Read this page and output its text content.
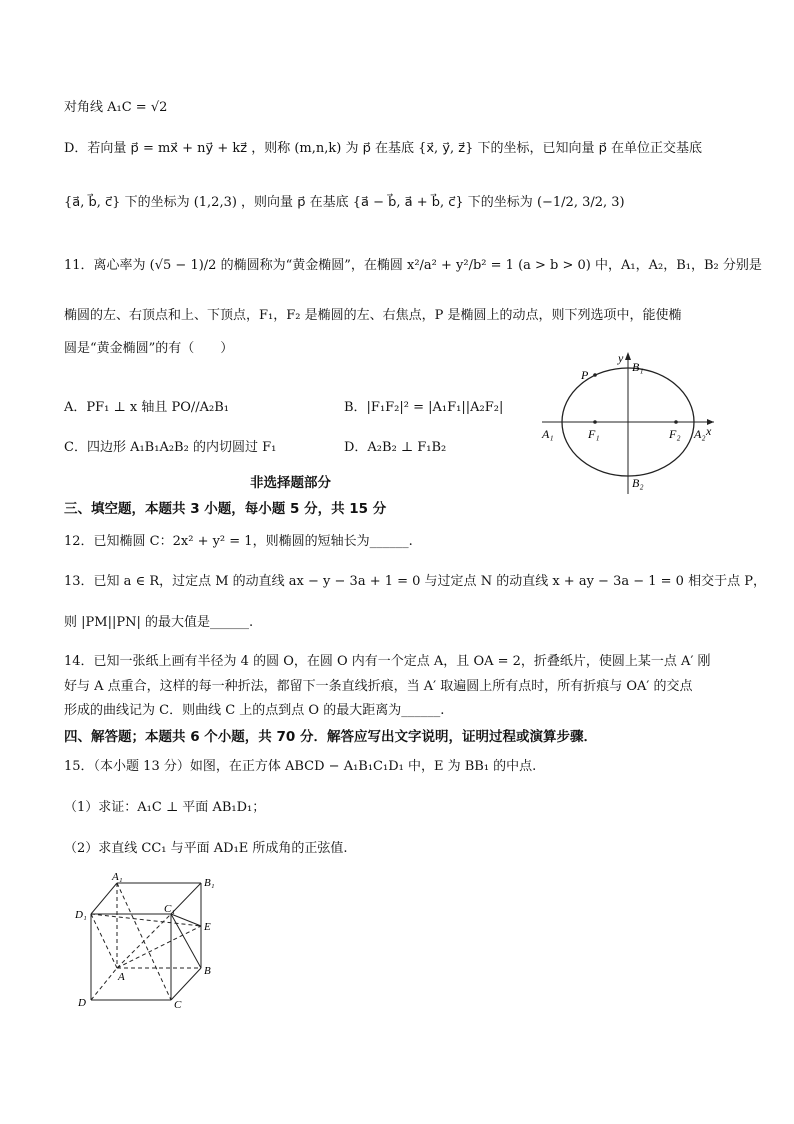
对角线 A₁C = √2
D．若向量 p⃗ = mx⃗ + ny⃗ + kz⃗ ，则称 (m,n,k) 为 p⃗ 在基底 {x⃗, y⃗, z⃗} 下的坐标，已知向量 p⃗ 在单位正交基底
{a⃗, b⃗, c⃗} 下的坐标为 (1,2,3) ，则向量 p⃗ 在基底 {a⃗ − b⃗, a⃗ + b⃗, c⃗} 下的坐标为 (−1/2, 3/2, 3)
11．离心率为 (√5 − 1)/2 的椭圆称为“黄金椭圆”，在椭圆 x²/a² + y²/b² = 1 (a > b > 0) 中，A₁，A₂，B₁，B₂ 分别是
椭圆的左、右顶点和上、下顶点，F₁，F₂ 是椭圆的左、右焦点，P 是椭圆上的动点，则下列选项中，能使椭
圆是“黄金椭圆”的有（　　）
A．PF₁ ⊥ x 轴且 PO//A₂B₁	B．|F₁F₂|² = |A₁F₁||A₂F₂|
C．四边形 A₁B₁A₂B₂ 的内切圆过 F₁	D．A₂B₂ ⊥ F₁B₂
y
x
B₁
B₂
P
A₁	A₂
F₁	F₂
非选择题部分
三、填空题，本题共 3 小题，每小题 5 分，共 15 分
12．已知椭圆 C：2x² + y² = 1，则椭圆的短轴长为______.
13．已知 a ∈ R，过定点 M 的动直线 ax − y − 3a + 1 = 0 与过定点 N 的动直线 x + ay − 3a − 1 = 0 相交于点 P，
则 |PM||PN| 的最大值是______.
14．已知一张纸上画有半径为 4 的圆 O，在圆 O 内有一个定点 A，且 OA = 2，折叠纸片，使圆上某一点 A′ 刚
好与 A 点重合，这样的每一种折法，都留下一条直线折痕，当 A′ 取遍圆上所有点时，所有折痕与 OA′ 的交点
形成的曲线记为 C．则曲线 C 上的点到点 O 的最大距离为______.
四、解答题；本题共 6 个小题，共 70 分．解答应写出文字说明，证明过程或演算步骤．
15．（本小题 13 分）如图，在正方体 ABCD − A₁B₁C₁D₁ 中，E 为 BB₁ 的中点.
（1）求证：A₁C ⊥ 平面 AB₁D₁；
（2）求直线 CC₁ 与平面 AD₁E 所成角的正弦值.
A₁	B₁
D₁	C₁
E
A	B
D	C
